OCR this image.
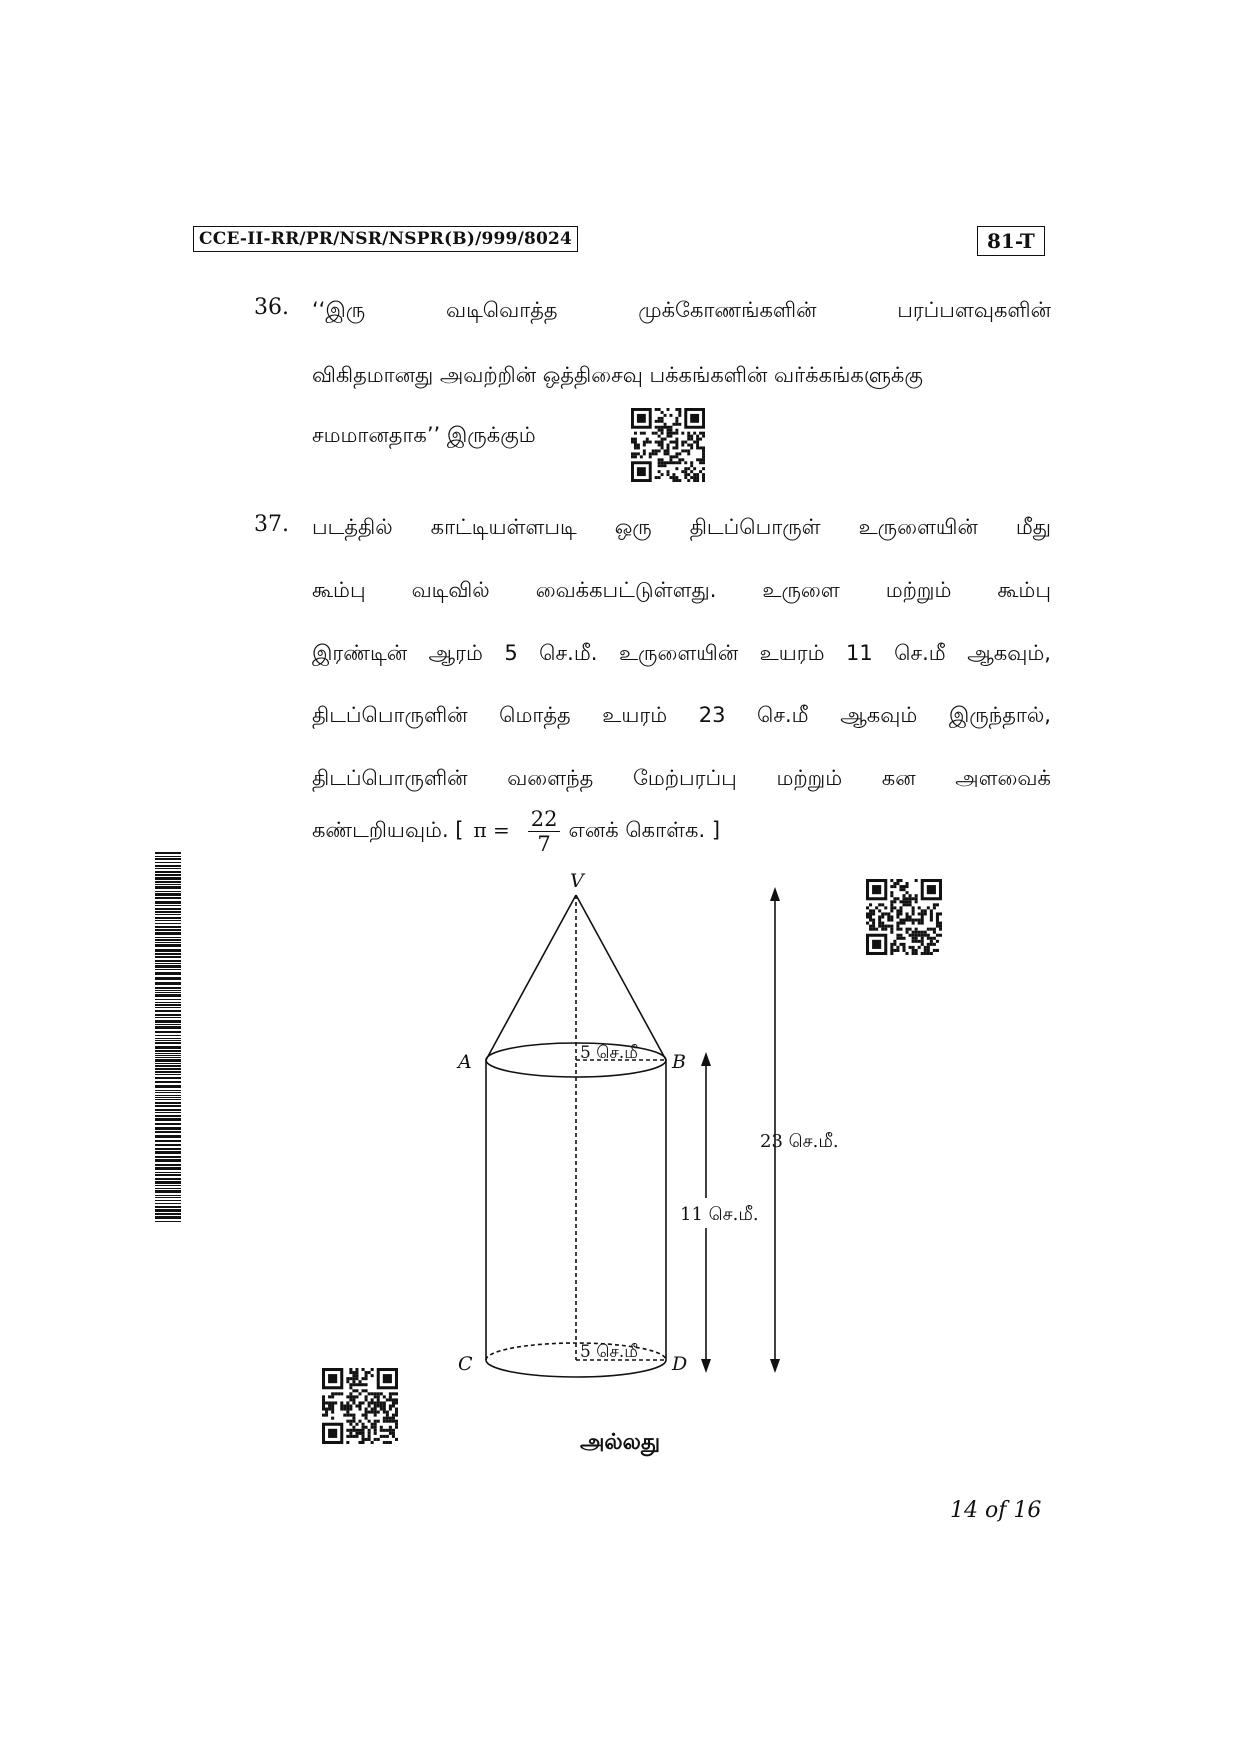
CCE-II-RR/PR/NSR/NSPR(B)/999/8024	81-T
36. ‘‘இரு	வடிவொத்த	முக்கோணங்களின்	பரப்பளவுகளின்
விகிதமானது அவற்றின் ஒத்திசைவு பக்கங்களின் வர்க்கங்களுக்கு
சமமானதாக’’ இருக்கும்
37. படத்தில் காட்டியள்ளபடி ஒரு திடப்பொருள் உருளையின் மீது
கூம்பு வடிவில் வைக்கபட்டுள்ளது. உருளை மற்றும் கூம்பு
இரண்டின் ஆரம் 5 செ.மீ. உருளையின் உயரம் 11 செ.மீ ஆகவும்,
திடப்பொருளின் மொத்த உயரம் 23 செ.மீ ஆகவும் இருந்தால்,
திடப்பொருளின் வளைந்த மேற்பரப்பு மற்றும் கன அளவைக்
கண்டறியவும். [ $\pi = \frac{22}{7}$ எனக் கொள்க. ]
V
A	B
C	D
5 செ.மீ
5 செ.மீ
11 செ.மீ.
23 செ.மீ.
அல்லது
14 of 16
